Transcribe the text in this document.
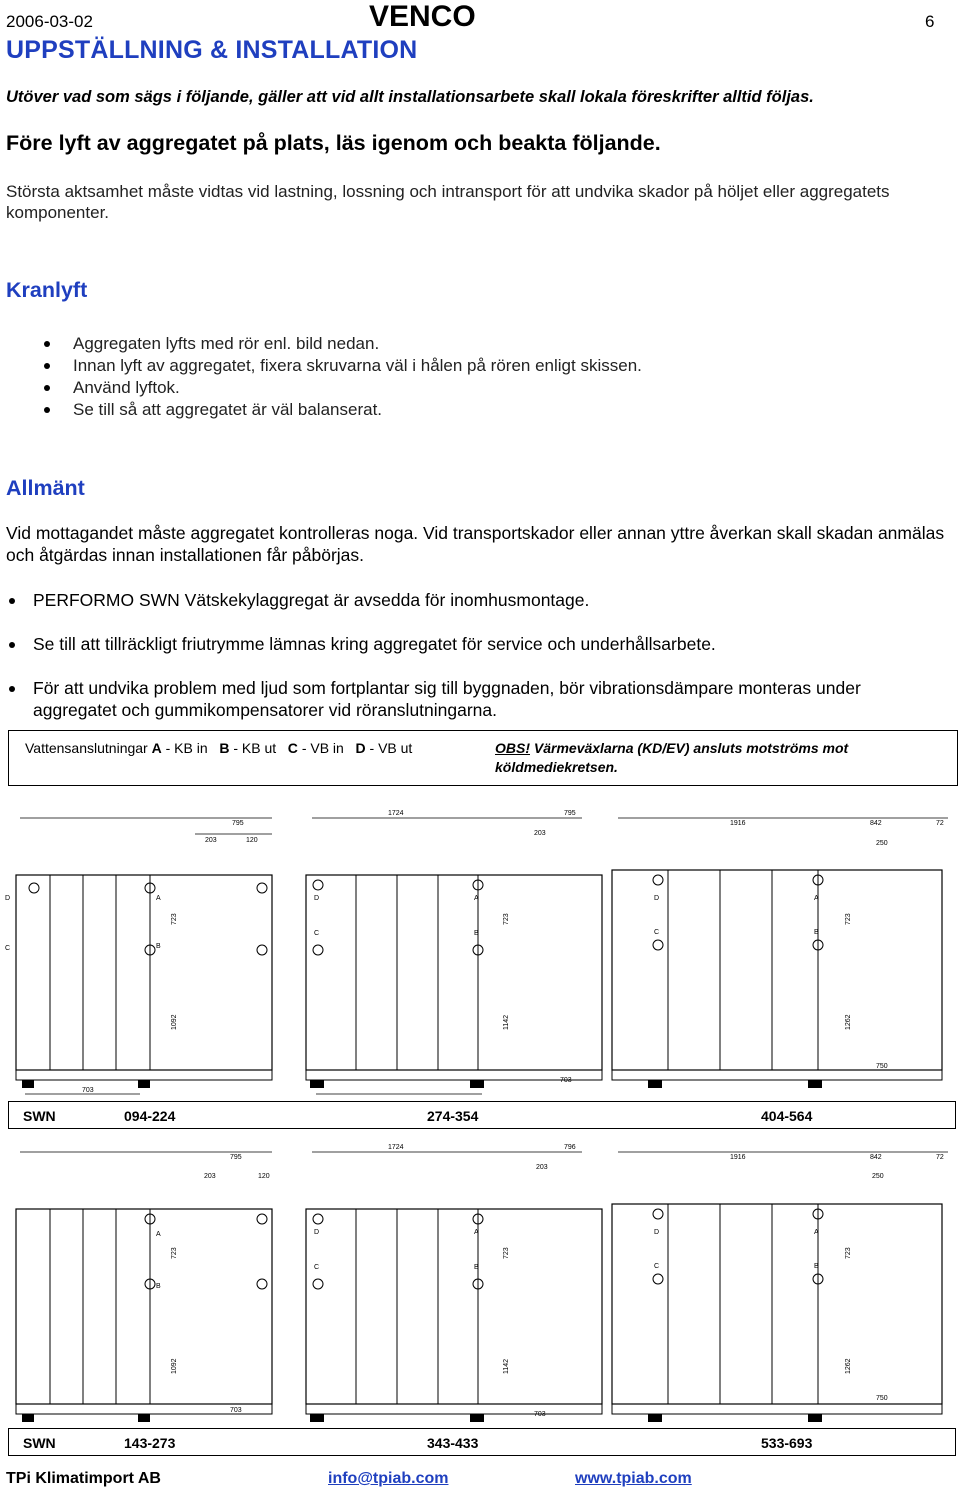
2006-03-02	VENCO	6
UPPSTÄLLNING & INSTALLATION
Utöver vad som sägs i följande, gäller att vid allt installationsarbete skall lokala föreskrifter alltid följas.
Före lyft av aggregatet på plats, läs igenom och beakta följande.
Största aktsamhet måste vidtas vid lastning, lossning och intransport för att undvika skador på höljet eller aggregatets komponenter.
Kranlyft
Aggregaten lyfts med rör enl. bild nedan.
Innan lyft av aggregatet, fixera skruvarna väl i hålen på rören enligt skissen.
Använd lyftok.
Se till så att aggregatet är väl balanserat.
Allmänt
Vid mottagandet måste aggregatet kontrolleras noga. Vid transportskador eller annan yttre åverkan skall skadan anmälas och åtgärdas innan installationen får påbörjas.
PERFORMO SWN Vätskekylaggregat är avsedda för inomhusmontage.
Se till att tillräckligt friutrymme lämnas kring aggregatet för service och underhållsarbete.
För att undvika problem med ljud som fortplantar sig till byggnaden, bör vibrationsdämpare monteras under aggregatet och gummikompensatorer vid röranslutningarna.
Vattensanslutningar A - KB in B - KB ut C - VB in D - VB ut	OBS! Värmeväxlarna (KD/EV) ansluts motströms mot köldmediekretsen.
795
203	120
D
C
A
B
1092
723
703
1724	795
203
D
C
A
B
1142
723
703
1916	842	72
250
D
C
A
B
1262
723
750
SWN	094-224	274-354	404-564
795
203	120
A
B
1092
723
703
1724	796
203
D
C
A
B
1142
723
703
1916	842	72
250
D
C
A
B
1262
723
750
SWN	143-273	343-433	533-693
TPi Klimatimport AB	info@tpiab.com	www.tpiab.com
